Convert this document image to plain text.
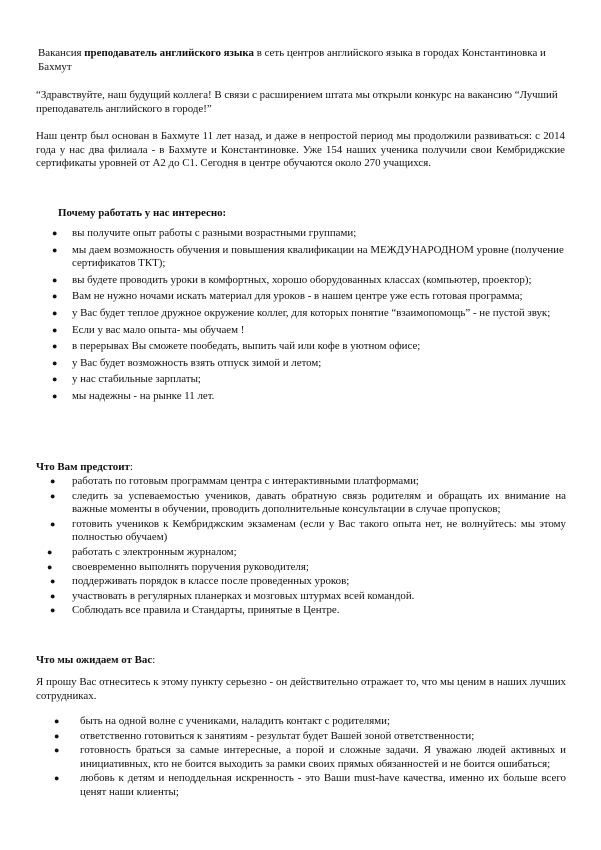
Вакансия преподаватель английского языка в сеть центров английского языка в городах Константиновка и Бахмут

“Здравствуйте, наш будущий коллега! В связи с расширением штата мы открыли конкурс на вакансию “Лучший преподаватель английского в городе!”

Наш центр был основан в Бахмуте 11 лет назад, и даже в непростой период мы продолжили развиваться: с 2014 года у нас два филиала - в Бахмуте и Константиновке. Уже 154 наших ученика получили свои Кембриджские сертификаты уровней от А2 до С1. Сегодня в центре обучаются около 270 учащихся.

Почему работать у нас интересно:

● вы получите опыт работы с разными возрастными группами;
● мы даем возможность обучения и повышения квалификации на МЕЖДУНАРОДНОМ уровне (получение сертификатов ТКТ);
● вы будете проводить уроки в комфортных, хорошо оборудованных классах (компьютер, проектор);
● Вам не нужно ночами искать материал для уроков - в нашем центре уже есть готовая программа;
● у Вас будет теплое дружное окружение коллег, для которых понятие “взаимопомощь” - не пустой звук;
● Если у вас мало опыта- мы обучаем !
● в перерывах Вы сможете пообедать, выпить чай или кофе в уютном офисе;
● у Вас будет возможность взять отпуск зимой и летом;
● у нас стабильные зарплаты;
● мы надежны - на рынке 11 лет.

Что Вам предстоит:

● работать по готовым программам центра с интерактивными платформами;
● следить за успеваемостью учеников, давать обратную связь родителям и обращать их внимание на важные моменты в обучении, проводить дополнительные консультации в случае пропусков;
● готовить учеников к Кембриджским экзаменам (если у Вас такого опыта нет, не волнуйтесь: мы этому полностью обучаем)
● работать с электронным журналом;
● своевременно выполнять поручения руководителя;
● поддерживать порядок в классе после проведенных уроков;
● участвовать в регулярных планерках и мозговых штурмах всей командой.
● Соблюдать все правила и Стандарты, принятые в Центре.

Что мы ожидаем от Вас:

Я прошу Вас отнеситесь к этому пункту серьезно - он действительно отражает то, что мы ценим в наших лучших сотрудниках.

● быть на одной волне с учениками, наладить контакт с родителями;
● ответственно готовиться к занятиям - результат будет Вашей зоной ответственности;
● готовность браться за самые интересные, а порой и сложные задачи. Я уважаю людей активных и инициативных, кто не боится выходить за рамки своих прямых обязанностей и не боится ошибаться;
● любовь к детям и неподдельная искренность - это Ваши must-have качества, именно их больше всего ценят наши клиенты;
